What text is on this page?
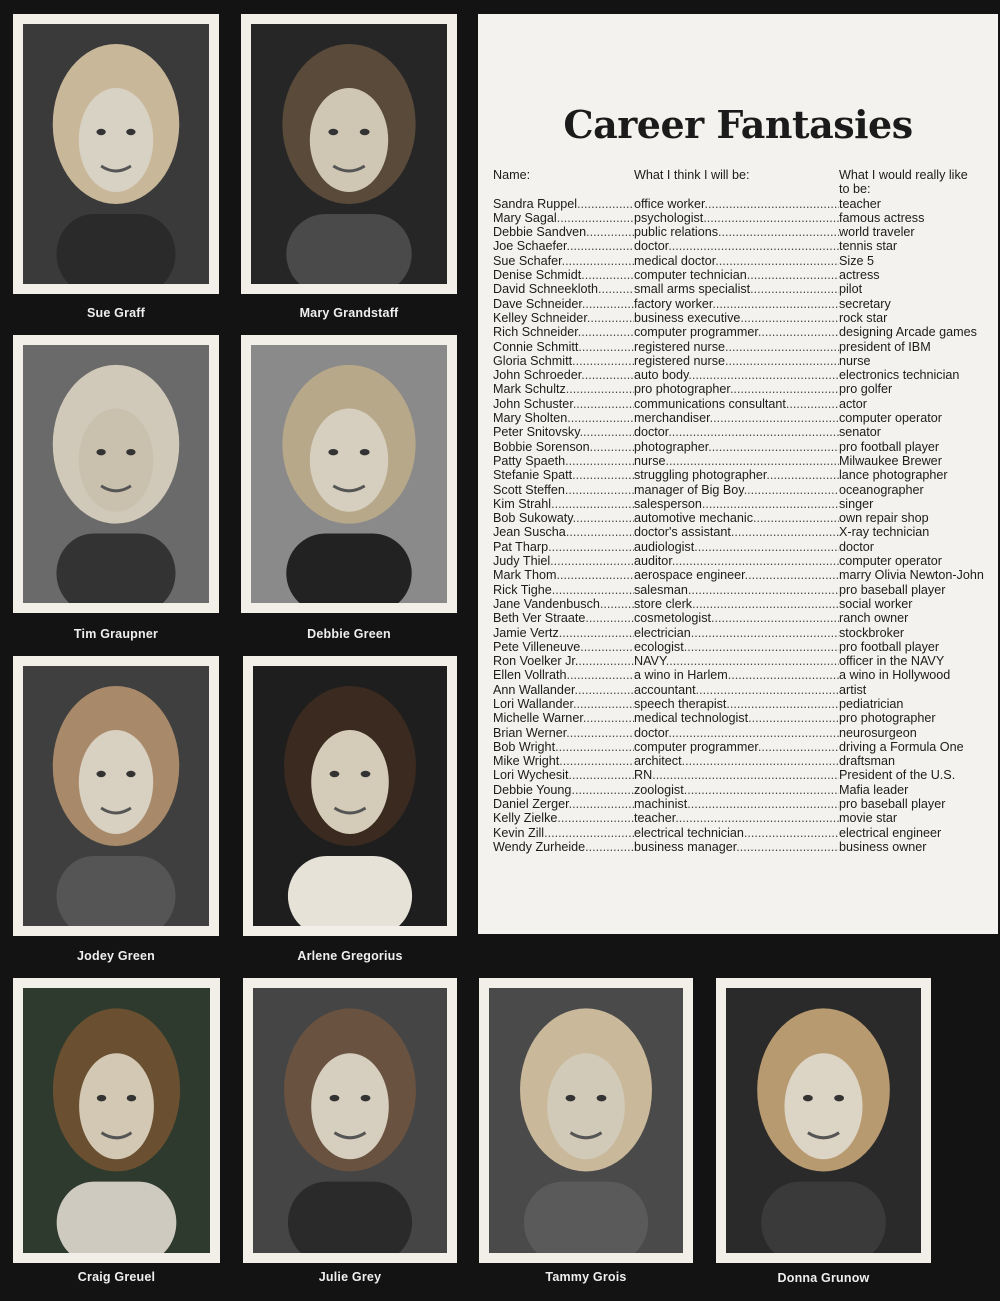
Sue Graff	Mary Grandstaff
Tim Graupner	Debbie Green
Jodey Green	Arlene Gregorius
Craig Greuel	Julie Grey	Tammy Grois	Donna Grunow
Career Fantasies
Name:	What I think I will be:	What I would really like to be:
Sandra Ruppel .....	office worker .....	teacher
Mary Sagal .....	psychologist .....	famous actress
Debbie Sandven .....	public relations .....	world traveler
Joe Schaefer .....	doctor .....	tennis star
Sue Schafer .....	medical doctor .....	Size 5
Denise Schmidt .....	computer technician .....	actress
David Schneekloth .....	small arms specialist .....	pilot
Dave Schneider .....	factory worker .....	secretary
Kelley Schneider .....	business executive .....	rock star
Rich Schneider .....	computer programmer .....	designing Arcade games
Connie Schmitt .....	registered nurse .....	president of IBM
Gloria Schmitt .....	registered nurse .....	nurse
John Schroeder .....	auto body .....	electronics technician
Mark Schultz .....	pro photographer .....	pro golfer
John Schuster .....	communications consultant .....	actor
Mary Sholten .....	merchandiser .....	computer operator
Peter Snitovsky .....	doctor .....	senator
Bobbie Sorenson .....	photographer .....	pro football player
Patty Spaeth .....	nurse .....	Milwaukee Brewer
Stefanie Spatt .....	struggling photographer .....	lance photographer
Scott Steffen .....	manager of Big Boy .....	oceanographer
Kim Strahl .....	salesperson .....	singer
Bob Sukowaty .....	automotive mechanic .....	own repair shop
Jean Suscha .....	doctor's assistant .....	X-ray technician
Pat Tharp .....	audiologist .....	doctor
Judy Thiel .....	auditor .....	computer operator
Mark Thom .....	aerospace engineer .....	marry Olivia Newton-John
Rick Tighe .....	salesman .....	pro baseball player
Jane Vandenbusch .....	store clerk .....	social worker
Beth Ver Straate .....	cosmetologist .....	ranch owner
Jamie Vertz .....	electrician .....	stockbroker
Pete Villeneuve .....	ecologist .....	pro football player
Ron Voelker Jr. .....	NAVY .....	officer in the NAVY
Ellen Vollrath .....	a wino in Harlem .....	a wino in Hollywood
Ann Wallander .....	accountant .....	artist
Lori Wallander .....	speech therapist .....	pediatrician
Michelle Warner .....	medical technologist .....	pro photographer
Brian Werner .....	doctor .....	neurosurgeon
Bob Wright .....	computer programmer .....	driving a Formula One
Mike Wright .....	architect .....	draftsman
Lori Wychesit .....	RN .....	President of the U.S.
Debbie Young .....	zoologist .....	Mafia leader
Daniel Zerger .....	machinist .....	pro baseball player
Kelly Zielke .....	teacher .....	movie star
Kevin Zill .....	electrical technician .....	electrical engineer
Wendy Zurheide .....	business manager .....	business owner
